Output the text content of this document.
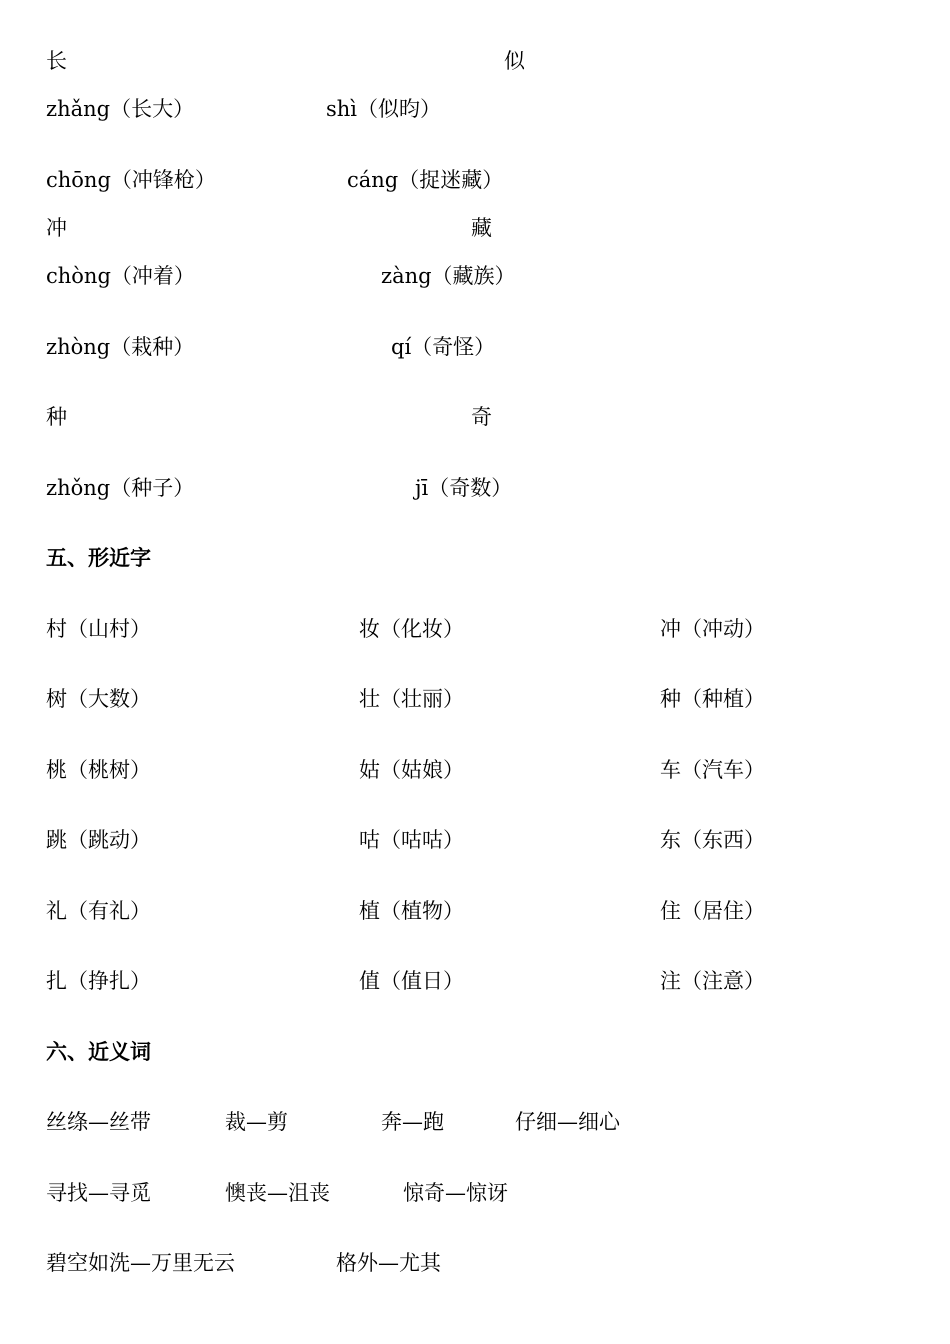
长	似
zhǎng（长大）	shì（似昀）
chōng（冲锋枪）	cáng（捉迷藏）
冲	藏
chòng（冲着）	zàng（藏族）
zhòng（栽种）	qí（奇怪）
种	奇
zhǒng（种子）	jī（奇数）
五、形近字
村（山村）	妆（化妆）	冲（冲动）
树（大数）	壮（壮丽）	种（种植）
桃（桃树）	姑（姑娘）	车（汽车）
跳（跳动）	咕（咕咕）	东（东西）
礼（有礼）	植（植物）	住（居住）
扎（挣扎）	值（值日）	注（注意）
六、近义词
丝绦—丝带	裁—剪	奔—跑	仔细—细心
寻找—寻觅	懊丧—沮丧	惊奇—惊讶
碧空如洗—万里无云	格外—尤其
